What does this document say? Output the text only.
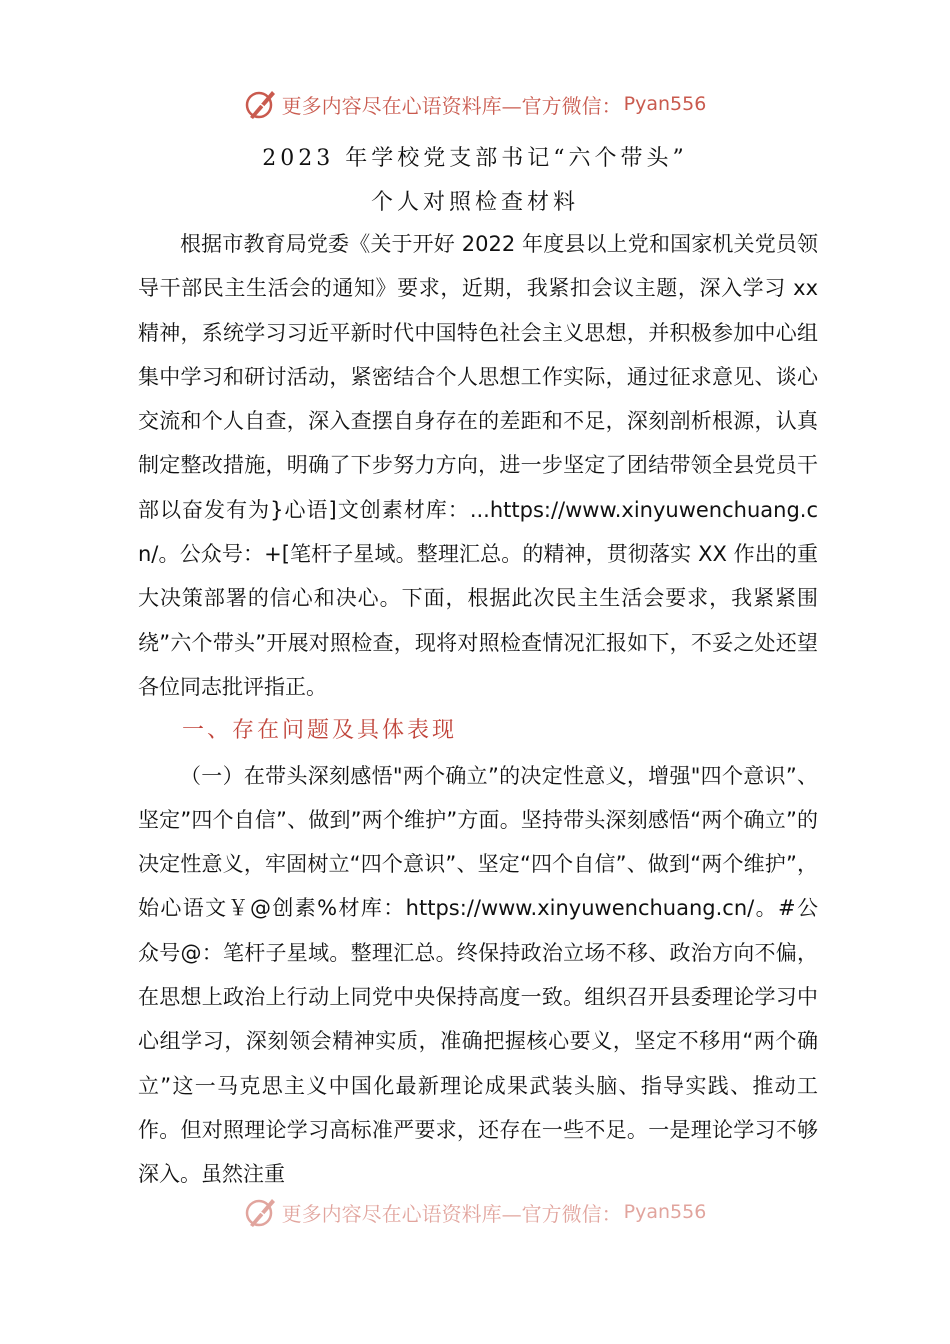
更多内容尽在心语资料库—官方微信： Pyan556
2023 年学校党支部书记“六个带头”
个人对照检查材料

根据市教育局党委《关于开好 2022 年度县以上党和国家机关党员领导干部民主生活会的通知》要求，近期，我紧扣会议主题，深入学习 xx 精神，系统学习习近平新时代中国特色社会主义思想，并积极参加中心组集中学习和研讨活动，紧密结合个人思想工作实际，通过征求意见、谈心交流和个人自查，深入查摆自身存在的差距和不足，深刻剖析根源，认真制定整改措施，明确了下步努力方向，进一步坚定了团结带领全县党员干部以奋发有为}心语]文创素材库：...https://www.xinyuwenchuang.cn/。公众号：+[笔杆子星域。整理汇总。的精神，贯彻落实 XX 作出的重大决策部署的信心和决心。下面，根据此次民主生活会要求，我紧紧围绕”六个带头”开展对照检查，现将对照检查情况汇报如下，不妥之处还望各位同志批评指正。

一、存在问题及具体表现

（一）在带头深刻感悟"两个确立”的决定性意义，增强"四个意识”、坚定”四个自信”、做到”两个维护”方面。坚持带头深刻感悟“两个确立”的决定性意义，牢固树立“四个意识”、坚定“四个自信”、做到“两个维护”，始心语文￥@创素%材库：https://www.xinyuwenchuang.cn/。#公众号@：笔杆子星域。整理汇总。终保持政治立场不移、政治方向不偏，在思想上政治上行动上同党中央保持高度一致。组织召开县委理论学习中心组学习，深刻领会精神实质，准确把握核心要义，坚定不移用“两个确立”这一马克思主义中国化最新理论成果武装头脑、指导实践、推动工作。但对照理论学习高标准严要求，还存在一些不足。一是理论学习不够深入。虽然注重

更多内容尽在心语资料库—官方微信： Pyan556
